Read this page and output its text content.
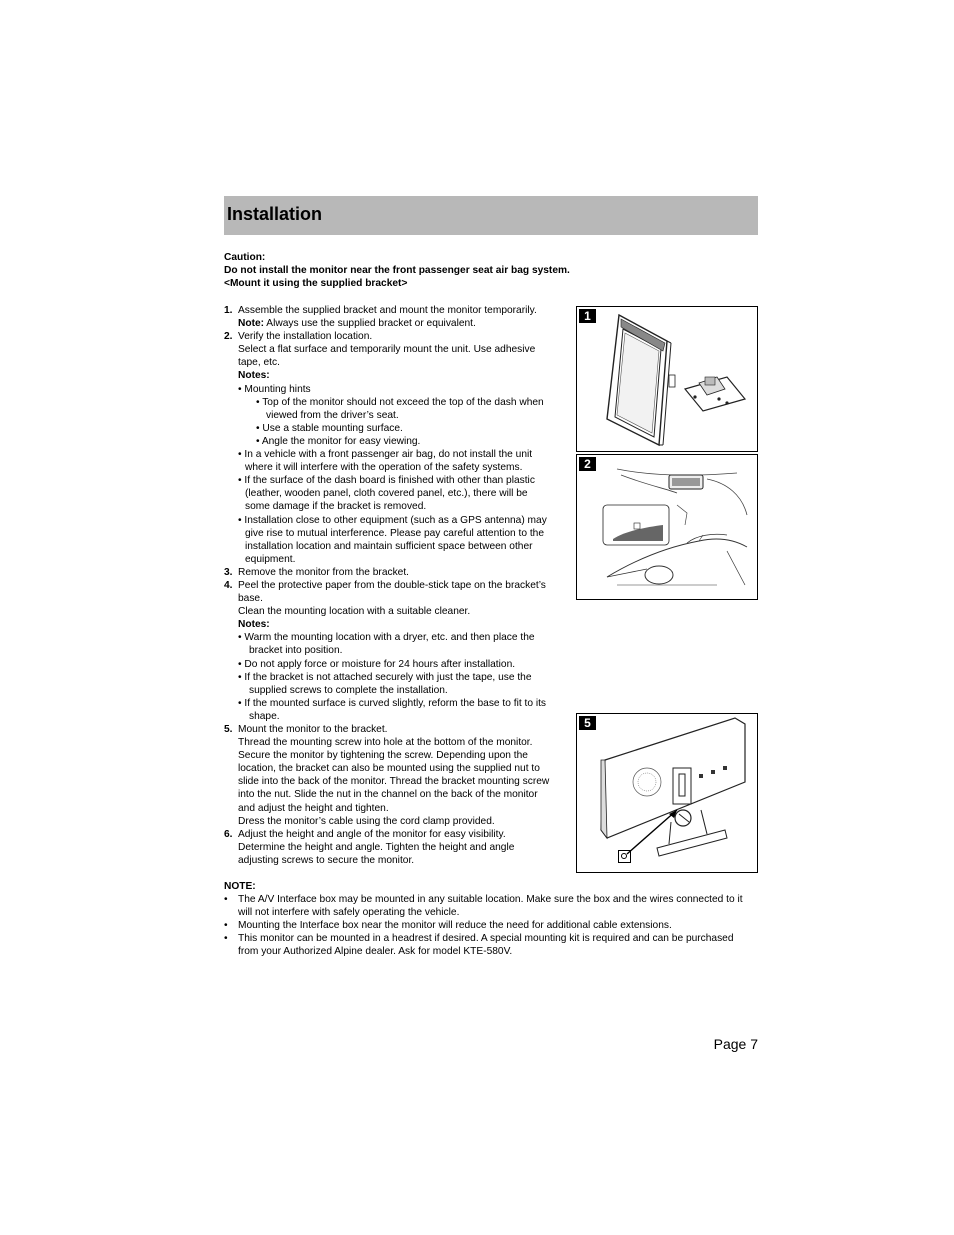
Installation
Caution:
Do not install the monitor near the front passenger seat air bag system.
<Mount it using the supplied bracket>
1. Assemble the supplied bracket and mount the monitor temporarily.
Note: Always use the supplied bracket or equivalent.
2. Verify the installation location.
Select a flat surface and temporarily mount the unit. Use adhesive
tape, etc.
Notes:
• Mounting hints
• Top of the monitor should not exceed the top of the dash when
viewed from the driver’s seat.
• Use a stable mounting surface.
• Angle the monitor for easy viewing.
• In a vehicle with a front passenger air bag, do not install the unit
where it will interfere with the operation of the safety systems.
• If the surface of the dash board is finished with other than plastic
(leather, wooden panel, cloth covered panel, etc.), there will be
some damage if the bracket is removed.
• Installation close to other equipment (such as a GPS antenna) may
give rise to mutual interference. Please pay careful attention to the
installation location and maintain sufficient space between other
equipment.
3. Remove the monitor from the bracket.
4. Peel the protective paper from the double-stick tape on the bracket’s
base.
Clean the mounting location with a suitable cleaner.
Notes:
• Warm the mounting location with a dryer, etc. and then place the
bracket into position.
• Do not apply force or moisture for 24 hours after installation.
• If the bracket is not attached securely with just the tape, use the
supplied screws to complete the installation.
• If the mounted surface is curved slightly, reform the base to fit to its
shape.
5. Mount the monitor to the bracket.
Thread the mounting screw into hole at the bottom of the monitor.
Secure the monitor by tightening the screw. Depending upon the
location, the bracket can also be mounted using the supplied nut to
slide into the back of the monitor. Thread the bracket mounting screw
into the nut. Slide the nut in the channel on the back of the monitor
and adjust the height and tighten.
Dress the monitor’s cable using the cord clamp provided.
6. Adjust the height and angle of the monitor for easy visibility.
Determine the height and angle. Tighten the height and angle
adjusting screws to secure the monitor.
1
2
5
NOTE:
• The A/V Interface box may be mounted in any suitable location. Make sure the box and the wires connected to it will not interfere with safely operating the vehicle.
• Mounting the Interface box near the monitor will reduce the need for additional cable extensions.
• This monitor can be mounted in a headrest if desired. A special mounting kit is required and can be purchased from your Authorized Alpine dealer. Ask for model KTE-580V.
Page 7
